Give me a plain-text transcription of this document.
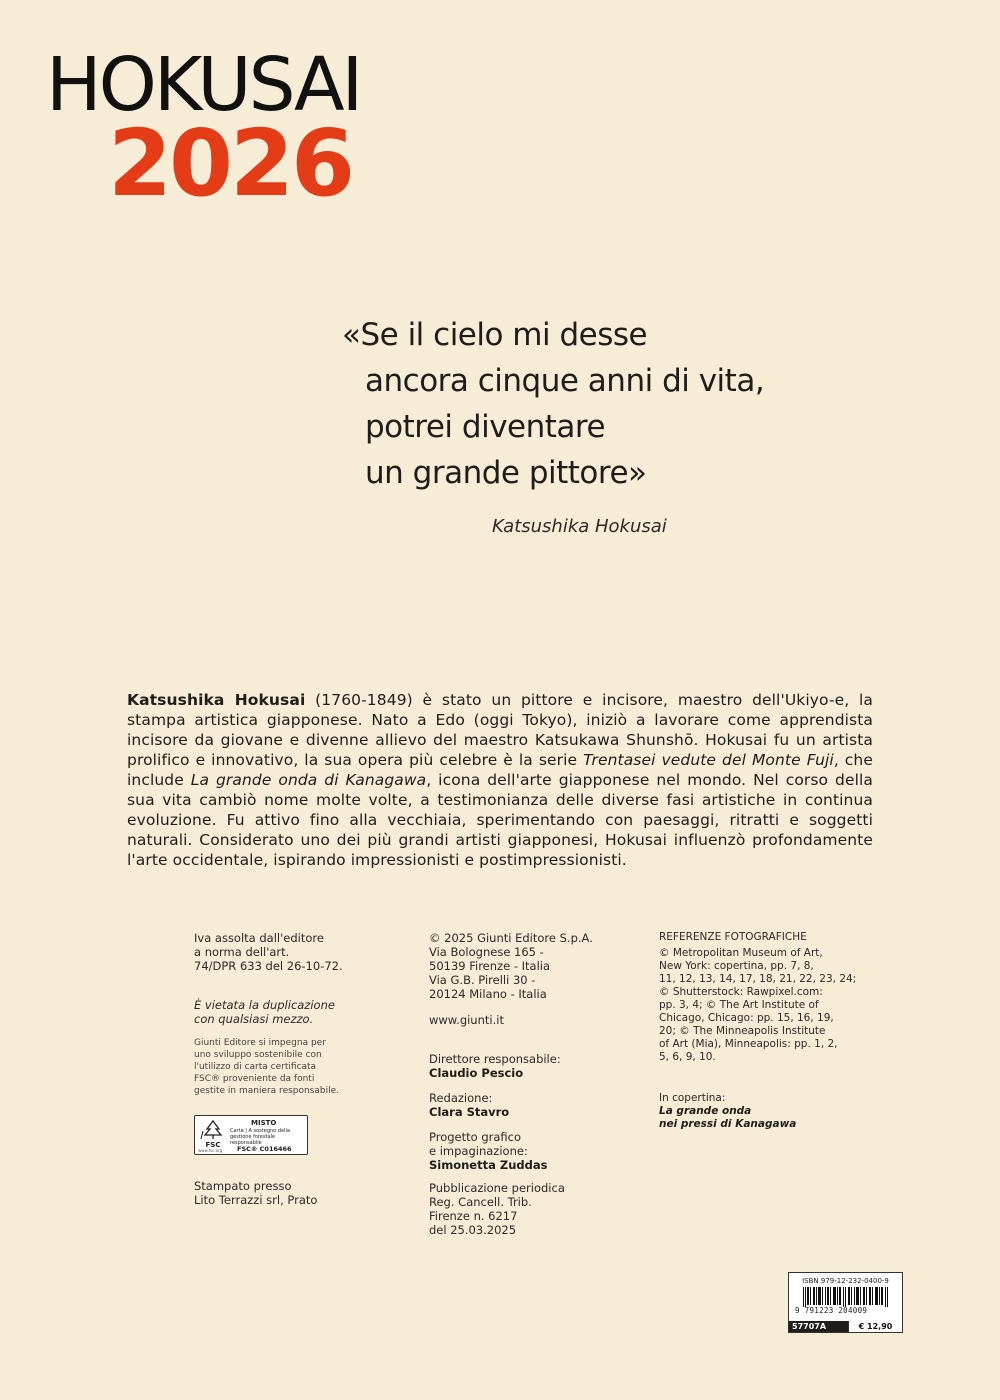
HOKUSAI
2026
«Se il cielo mi desse
ancora cinque anni di vita,
potrei diventare
un grande pittore»
Katsushika Hokusai
Katsushika Hokusai (1760-1849) è stato un pittore e incisore, maestro dell'Ukiyo-e, la stampa artistica giapponese. Nato a Edo (oggi Tokyo), iniziò a lavorare come apprendista incisore da giovane e divenne allievo del maestro Katsukawa Shunshō. Hokusai fu un artista prolifico e innovativo, la sua opera più celebre è la serie Trentasei vedute del Monte Fuji, che include La grande onda di Kanagawa, icona dell'arte giapponese nel mondo. Nel corso della sua vita cambiò nome molte volte, a testimonianza delle diverse fasi artistiche in continua evoluzione. Fu attivo fino alla vecchiaia, sperimentando con paesaggi, ritratti e soggetti naturali. Considerato uno dei più grandi artisti giapponesi, Hokusai influenzò profondamente l'arte occidentale, ispirando impressionisti e postimpressionisti.

Iva assolta dall'editore

a norma dell'art.

74/DPR 633 del 26-10-72.

È vietata la duplicazione

con qualsiasi mezzo.

Giunti Editore si impegna per

uno sviluppo sostenibile con

l'utilizzo di carta certificata

FSC® proveniente da fonti

gestite in maniera responsabile.

FSC
MISTO
Carta | A sostegno della gestione forestale responsabile
FSC® C016466
www.fsc.org

Stampato presso

Lito Terrazzi srl, Prato

© 2025 Giunti Editore S.p.A.

Via Bolognese 165 -

50139 Firenze - Italia

Via G.B. Pirelli 30 -

20124 Milano - Italia

www.giunti.it

Direttore responsabile:

Claudio Pescio

Redazione:

Clara Stavro

Progetto grafico

e impaginazione:

Simonetta Zuddas

Pubblicazione periodica

Reg. Cancell. Trib.

Firenze n. 6217

del 25.03.2025

REFERENZE FOTOGRAFICHE

© Metropolitan Museum of Art,

New York: copertina, pp. 7, 8,

11, 12, 13, 14, 17, 18, 21, 22, 23, 24;

© Shutterstock: Rawpixel.com:

pp. 3, 4; © The Art Institute of

Chicago, Chicago: pp. 15, 16, 19,

20; © The Minneapolis Institute

of Art (Mia), Minneapolis: pp. 1, 2,

5, 6, 9, 10.

In copertina:

La grande onda

nei pressi di Kanagawa

ISBN 979-12-232-0400-9
9 791223 204009
57707A	€ 12,90
